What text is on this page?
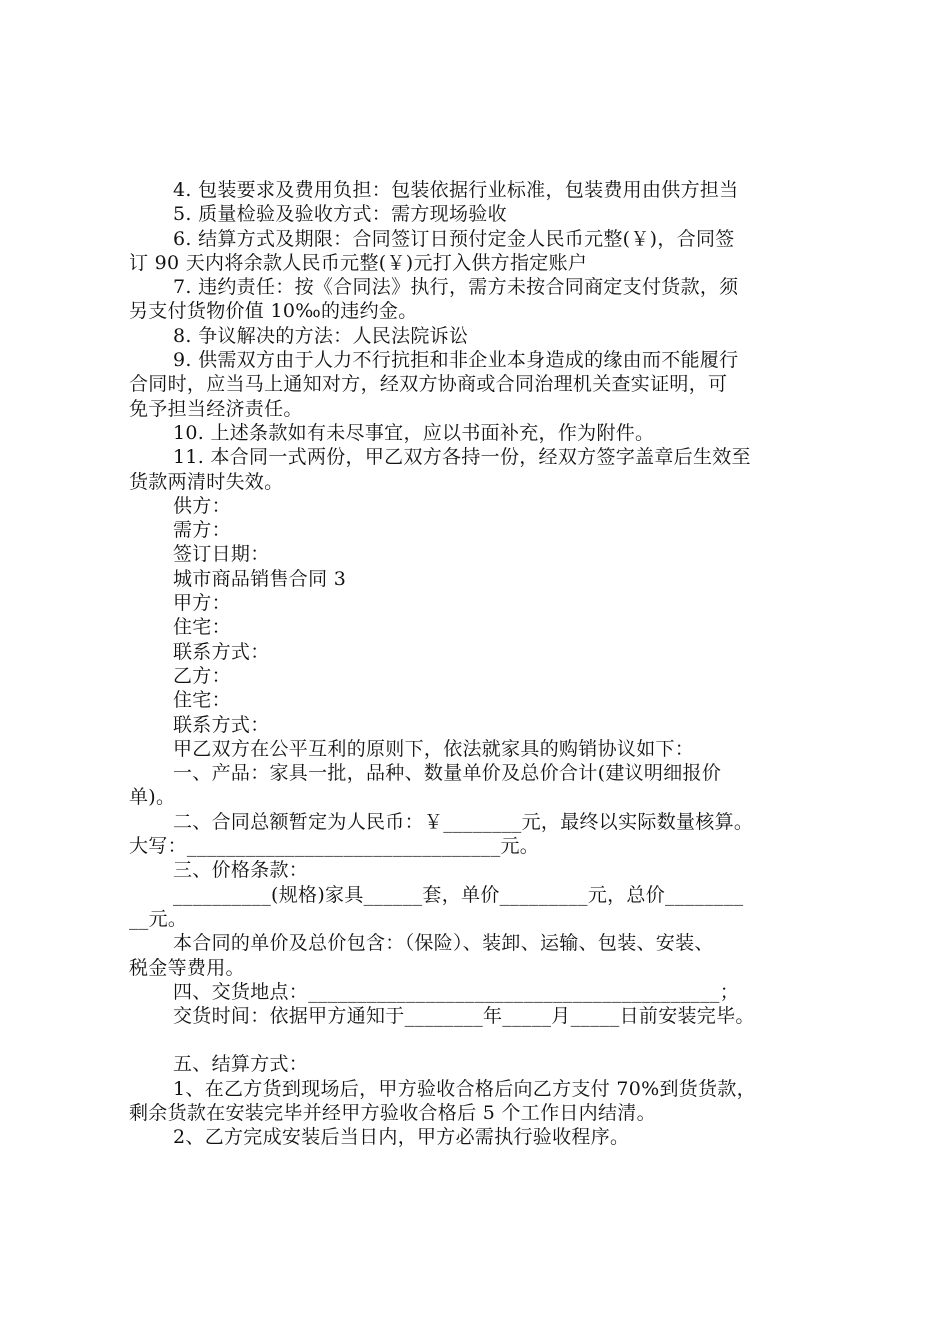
4. 包装要求及费用负担：包装依据行业标准，包装费用由供方担当
5. 质量检验及验收方式：需方现场验收
6. 结算方式及期限：合同签订日预付定金人民币元整(￥)，合同签
订 90 天内将余款人民币元整(￥)元打入供方指定账户
7. 违约责任：按《合同法》执行，需方未按合同商定支付货款，须
另支付货物价值 10‰的违约金。
8. 争议解决的方法：人民法院诉讼
9. 供需双方由于人力不行抗拒和非企业本身造成的缘由而不能履行
合同时，应当马上通知对方，经双方协商或合同治理机关查实证明，可
免予担当经济责任。
10. 上述条款如有未尽事宜，应以书面补充，作为附件。
11. 本合同一式两份，甲乙双方各持一份，经双方签字盖章后生效至
货款两清时失效。
供方：
需方：
签订日期：
城市商品销售合同 3
甲方：
住宅：
联系方式：
乙方：
住宅：
联系方式：
甲乙双方在公平互利的原则下，依法就家具的购销协议如下：
一、产品：家具一批，品种、数量单价及总价合计(建议明细报价
单)。
二、合同总额暂定为人民币：￥________元，最终以实际数量核算。
大写：________________________________元。
三、价格条款：
__________(规格)家具______套，单价_________元，总价________
__元。
本合同的单价及总价包含：（保险）、装卸、运输、包装、安装、
税金等费用。
四、交货地点：__________________________________________；
交货时间：依据甲方通知于________年_____月_____日前安装完毕。
五、结算方式：
1、在乙方货到现场后，甲方验收合格后向乙方支付 70%到货货款，
剩余货款在安装完毕并经甲方验收合格后 5 个工作日内结清。
2、乙方完成安装后当日内，甲方必需执行验收程序。
